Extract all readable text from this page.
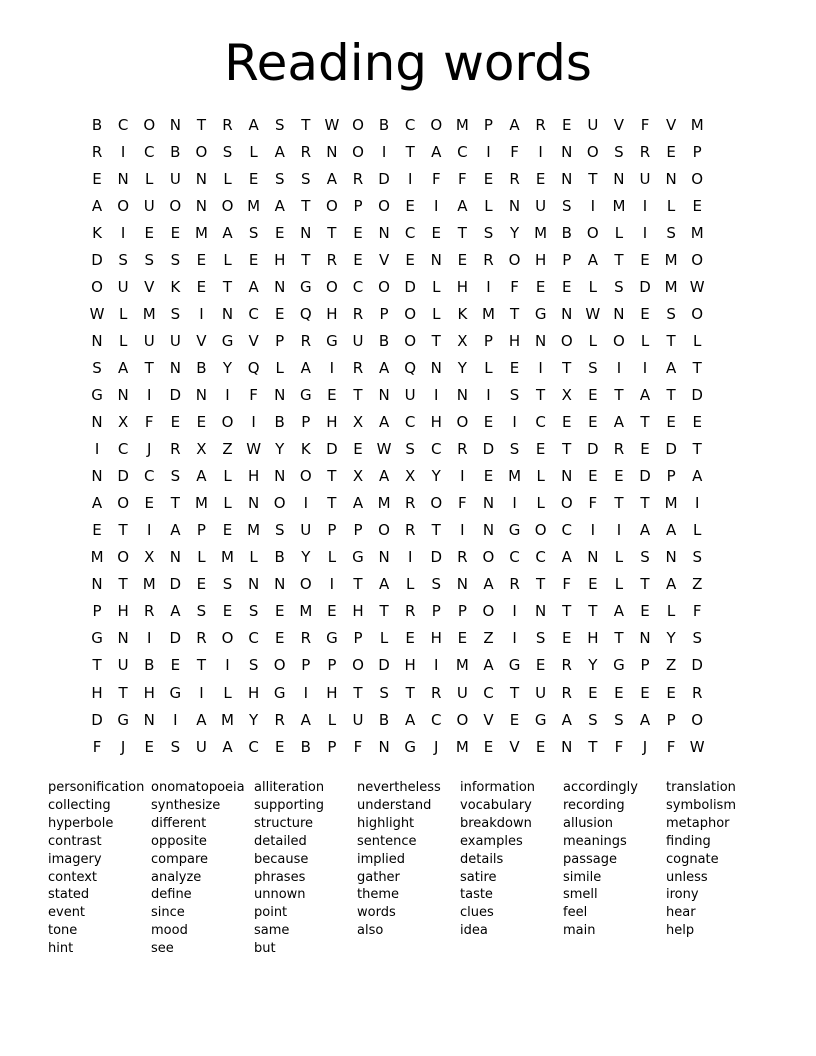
Reading words
B	C	O	N	T	R	A	S	T	W	O	B	C	O	M	P	A	R	E	U	V	F	V	M
R	I	C	B	O	S	L	A	R	N	O	I	T	A	C	I	F	I	N	O	S	R	E	P
E	N	L	U	N	L	E	S	S	A	R	D	I	F	F	E	R	E	N	T	N	U	N	O
A	O	U	O	N	O	M	A	T	O	P	O	E	I	A	L	N	U	S	I	M	I	L	E
K	I	E	E	M	A	S	E	N	T	E	N	C	E	T	S	Y	M	B	O	L	I	S	M
D	S	S	S	E	L	E	H	T	R	E	V	E	N	E	R	O	H	P	A	T	E	M	O
O	U	V	K	E	T	A	N	G	O	C	O	D	L	H	I	F	E	E	L	S	D	M	W
W	L	M	S	I	N	C	E	Q	H	R	P	O	L	K	M	T	G	N	W	N	E	S	O
N	L	U	U	V	G	V	P	R	G	U	B	O	T	X	P	H	N	O	L	O	L	T	L
S	A	T	N	B	Y	Q	L	A	I	R	A	Q	N	Y	L	E	I	T	S	I	I	A	T
G	N	I	D	N	I	F	N	G	E	T	N	U	I	N	I	S	T	X	E	T	A	T	D
N	X	F	E	E	O	I	B	P	H	X	A	C	H	O	E	I	C	E	E	A	T	E	E
I	C	J	R	X	Z	W	Y	K	D	E	W	S	C	R	D	S	E	T	D	R	E	D	T
N	D	C	S	A	L	H	N	O	T	X	A	X	Y	I	E	M	L	N	E	E	D	P	A
A	O	E	T	M	L	N	O	I	T	A	M	R	O	F	N	I	L	O	F	T	T	M	I
E	T	I	A	P	E	M	S	U	P	P	O	R	T	I	N	G	O	C	I	I	A	A	L
M	O	X	N	L	M	L	B	Y	L	G	N	I	D	R	O	C	C	A	N	L	S	N	S
N	T	M	D	E	S	N	N	O	I	T	A	L	S	N	A	R	T	F	E	L	T	A	Z
P	H	R	A	S	E	S	E	M	E	H	T	R	P	P	O	I	N	T	T	A	E	L	F
G	N	I	D	R	O	C	E	R	G	P	L	E	H	E	Z	I	S	E	H	T	N	Y	S
T	U	B	E	T	I	S	O	P	P	O	D	H	I	M	A	G	E	R	Y	G	P	Z	D
H	T	H	G	I	L	H	G	I	H	T	S	T	R	U	C	T	U	R	E	E	E	E	R
D	G	N	I	A	M	Y	R	A	L	U	B	A	C	O	V	E	G	A	S	S	A	P	O
F	J	E	S	U	A	C	E	B	P	F	N	G	J	M	E	V	E	N	T	F	J	F	W
personification
collecting
hyperbole
contrast
imagery
context
stated
event
tone
hint
onomatopoeia
synthesize
different
opposite
compare
analyze
define
since
mood
see
alliteration
supporting
structure
detailed
because
phrases
unnown
point
same
but
nevertheless
understand
highlight
sentence
implied
gather
theme
words
also
information
vocabulary
breakdown
examples
details
satire
taste
clues
idea
accordingly
recording
allusion
meanings
passage
simile
smell
feel
main
translation
symbolism
metaphor
finding
cognate
unless
irony
hear
help
